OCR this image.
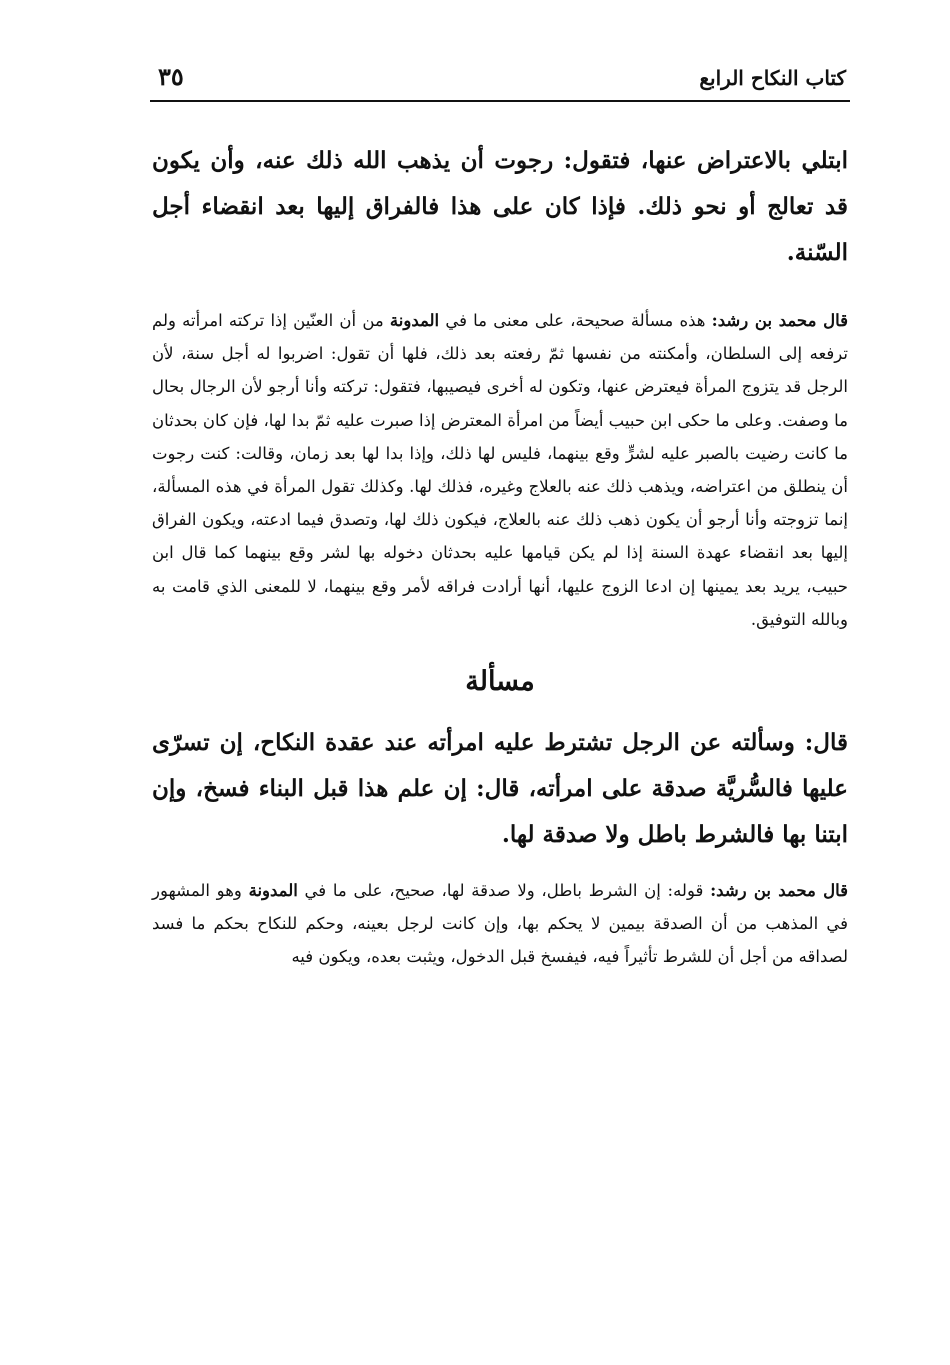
كتاب النكاح الرابع
٣٥

ابتلي بالاعتراض عنها، فتقول: رجوت أن يذهب الله ذلك عنه، وأن يكون قد تعالج أو نحو ذلك. فإذا كان على هذا فالفراق إليها بعد انقضاء أجل السّنة.

قال محمد بن رشد: هذه مسألة صحيحة، على معنى ما في المدونة من أن العنّين إذا تركته امرأته ولم ترفعه إلى السلطان، وأمكنته من نفسها ثمّ رفعته بعد ذلك، فلها أن تقول: اضربوا له أجل سنة، لأن الرجل قد يتزوج المرأة فيعترض عنها، وتكون له أخرى فيصيبها، فتقول: تركته وأنا أرجو لأن الرجال بحال ما وصفت. وعلى ما حكى ابن حبيب أيضاً من امرأة المعترض إذا صبرت عليه ثمّ بدا لها، فإن كان بحدثان ما كانت رضيت بالصبر عليه لشرٍّ وقع بينهما، فليس لها ذلك، وإذا بدا لها بعد زمان، وقالت: كنت رجوت أن ينطلق من اعتراضه، ويذهب ذلك عنه بالعلاج وغيره، فذلك لها. وكذلك تقول المرأة في هذه المسألة، إنما تزوجته وأنا أرجو أن يكون ذهب ذلك عنه بالعلاج، فيكون ذلك لها، وتصدق فيما ادعته، ويكون الفراق إليها بعد انقضاء عهدة السنة إذا لم يكن قيامها عليه بحدثان دخوله بها لشر وقع بينهما كما قال ابن حبيب، يريد بعد يمينها إن ادعا الزوج عليها، أنها أرادت فراقه لأمر وقع بينهما، لا للمعنى الذي قامت به وبالله التوفيق.

مسألة

قال: وسألته عن الرجل تشترط عليه امرأته عند عقدة النكاح، إن تسرّى عليها فالسُّريَّة صدقة على امرأته، قال: إن علم هذا قبل البناء فسخ، وإن ابتنا بها فالشرط باطل ولا صدقة لها.

قال محمد بن رشد: قوله: إن الشرط باطل، ولا صدقة لها، صحيح، على ما في المدونة وهو المشهور في المذهب من أن الصدقة بيمين لا يحكم بها، وإن كانت لرجل بعينه، وحكم للنكاح بحكم ما فسد لصداقه من أجل أن للشرط تأثيراً فيه، فيفسخ قبل الدخول، ويثبت بعده، ويكون فيه
